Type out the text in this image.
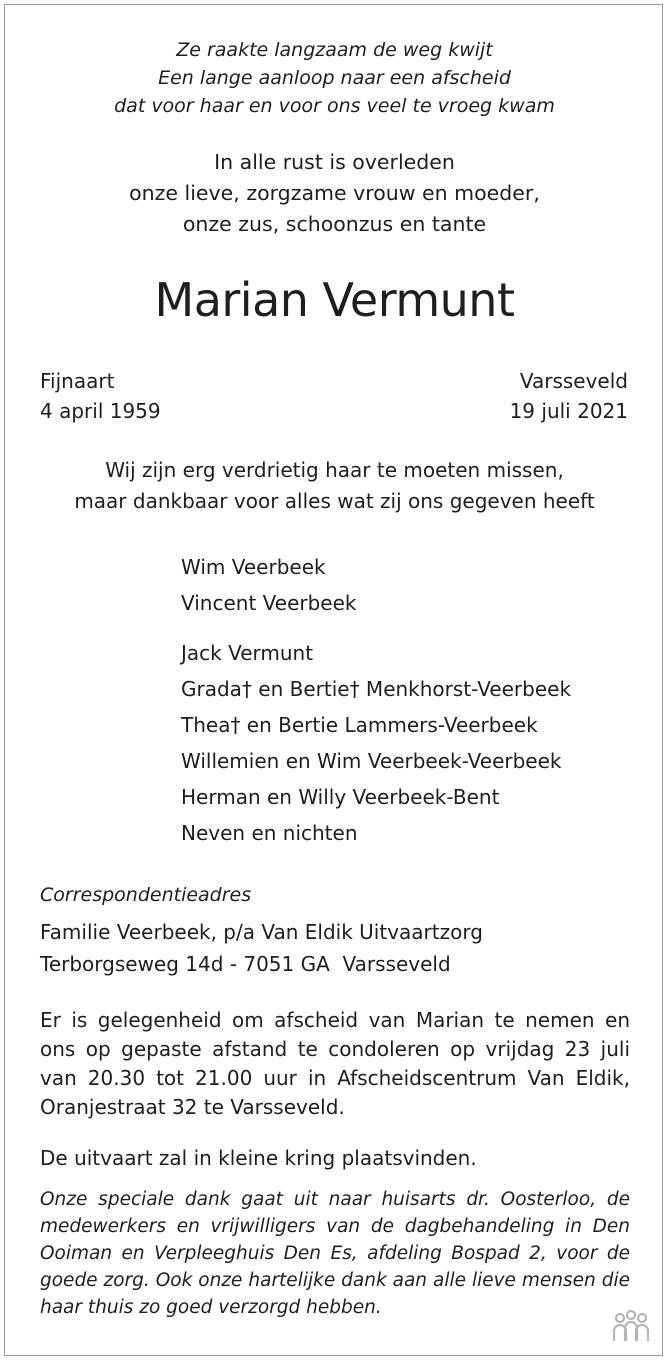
Ze raakte langzaam de weg kwijt
Een lange aanloop naar een afscheid
dat voor haar en voor ons veel te vroeg kwam
In alle rust is overleden
onze lieve, zorgzame vrouw en moeder,
onze zus, schoonzus en tante
Marian Vermunt
Fijnaart
4 april 1959
Varsseveld
19 juli 2021
Wij zijn erg verdrietig haar te moeten missen,
maar dankbaar voor alles wat zij ons gegeven heeft
Wim Veerbeek
Vincent Veerbeek
Jack Vermunt
Grada† en Bertie† Menkhorst-Veerbeek
Thea† en Bertie Lammers-Veerbeek
Willemien en Wim Veerbeek-Veerbeek
Herman en Willy Veerbeek-Bent
Neven en nichten
Correspondentieadres
Familie Veerbeek, p/a Van Eldik Uitvaartzorg
Terborgseweg 14d - 7051 GA  Varsseveld
Er is gelegenheid om afscheid van Marian te nemen en ons op gepaste afstand te condoleren op vrijdag 23 juli van 20.30 tot 21.00 uur in Afscheidscentrum Van Eldik, Oranjestraat 32 te Varsseveld.
De uitvaart zal in kleine kring plaatsvinden.
Onze speciale dank gaat uit naar huisarts dr. Oosterloo, de medewerkers en vrijwilligers van de dagbehandeling in Den Ooiman en Verpleeghuis Den Es, afdeling Bospad 2, voor de goede zorg. Ook onze hartelijke dank aan alle lieve mensen die haar thuis zo goed verzorgd hebben.
